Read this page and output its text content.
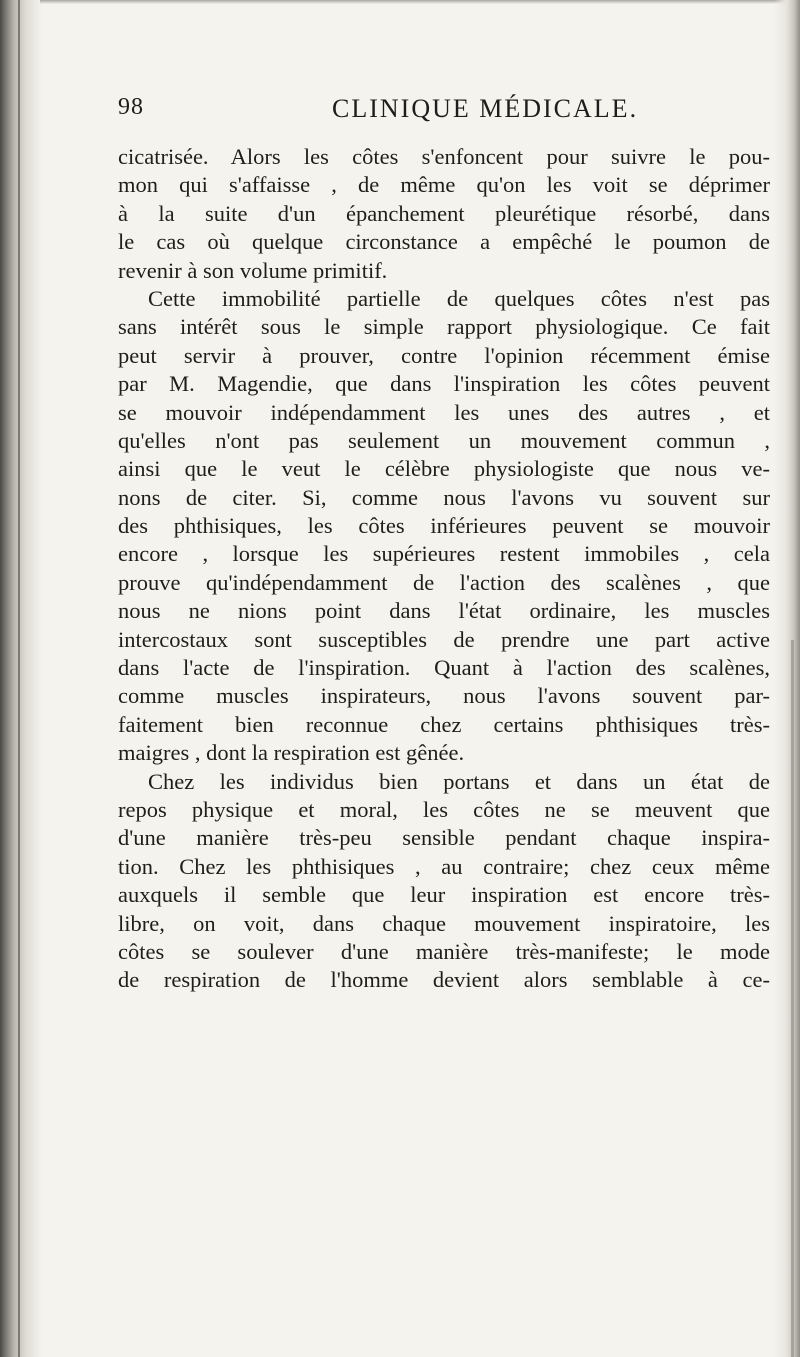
98	CLINIQUE MÉDICALE.
cicatrisée. Alors les côtes s'enfoncent pour suivre le pou-
mon qui s'affaisse , de même qu'on les voit se déprimer
à la suite d'un épanchement pleurétique résorbé, dans
le cas où quelque circonstance a empêché le poumon de
revenir à son volume primitif.
Cette immobilité partielle de quelques côtes n'est pas
sans intérêt sous le simple rapport physiologique. Ce fait
peut servir à prouver, contre l'opinion récemment émise
par M. Magendie, que dans l'inspiration les côtes peuvent
se mouvoir indépendamment les unes des autres , et
qu'elles n'ont pas seulement un mouvement commun ,
ainsi que le veut le célèbre physiologiste que nous ve-
nons de citer. Si, comme nous l'avons vu souvent sur
des phthisiques, les côtes inférieures peuvent se mouvoir
encore , lorsque les supérieures restent immobiles , cela
prouve qu'indépendamment de l'action des scalènes , que
nous ne nions point dans l'état ordinaire, les muscles
intercostaux sont susceptibles de prendre une part active
dans l'acte de l'inspiration. Quant à l'action des scalènes,
comme muscles inspirateurs, nous l'avons souvent par-
faitement bien reconnue chez certains phthisiques très-
maigres , dont la respiration est gênée.
Chez les individus bien portans et dans un état de
repos physique et moral, les côtes ne se meuvent que
d'une manière très-peu sensible pendant chaque inspira-
tion. Chez les phthisiques , au contraire; chez ceux même
auxquels il semble que leur inspiration est encore très-
libre, on voit, dans chaque mouvement inspiratoire, les
côtes se soulever d'une manière très-manifeste; le mode
de respiration de l'homme devient alors semblable à ce-
